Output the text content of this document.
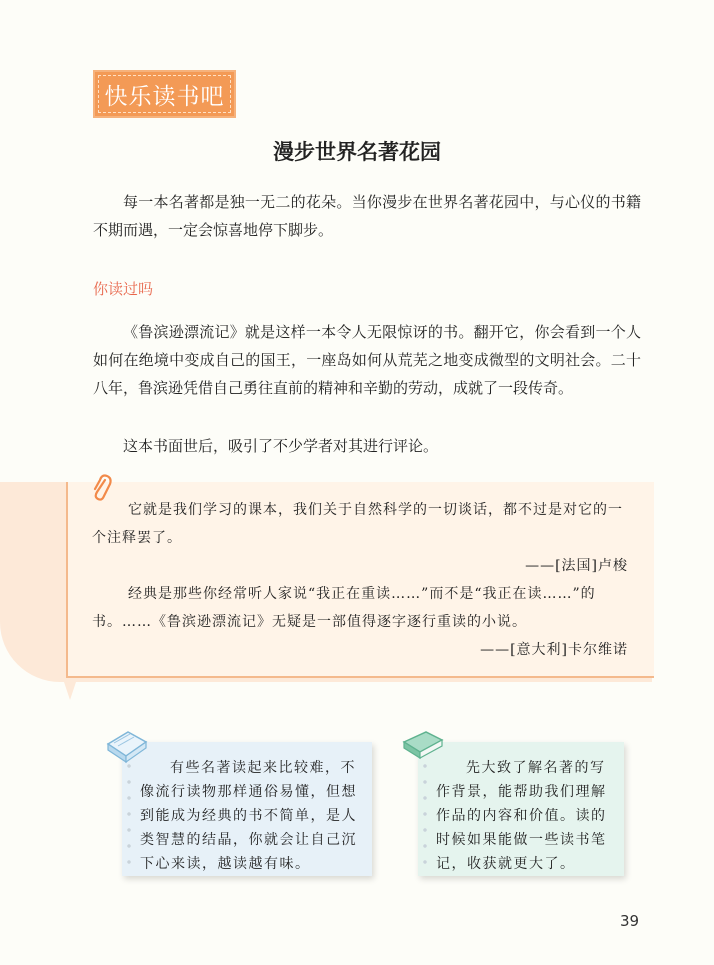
快乐读书吧
漫步世界名著花园

每一本名著都是独一无二的花朵。当你漫步在世界名著花园中，与心仪的书籍不期而遇，一定会惊喜地停下脚步。

你读过吗

《鲁滨逊漂流记》就是这样一本令人无限惊讶的书。翻开它，你会看到一个人如何在绝境中变成自己的国王，一座岛如何从荒芜之地变成微型的文明社会。二十八年，鲁滨逊凭借自己勇往直前的精神和辛勤的劳动，成就了一段传奇。

这本书面世后，吸引了不少学者对其进行评论。

它就是我们学习的课本，我们关于自然科学的一切谈话，都不过是对它的一个注释罢了。

——[法国]卢梭

经典是那些你经常听人家说“我正在重读……”而不是“我正在读……”的书。……《鲁滨逊漂流记》无疑是一部值得逐字逐行重读的小说。

——[意大利]卡尔维诺
有些名著读起来比较难，不像流行读物那样通俗易懂，但想到能成为经典的书不简单，是人类智慧的结晶，你就会让自己沉下心来读，越读越有味。
先大致了解名著的写作背景，能帮助我们理解作品的内容和价值。读的时候如果能做一些读书笔记，收获就更大了。
39
